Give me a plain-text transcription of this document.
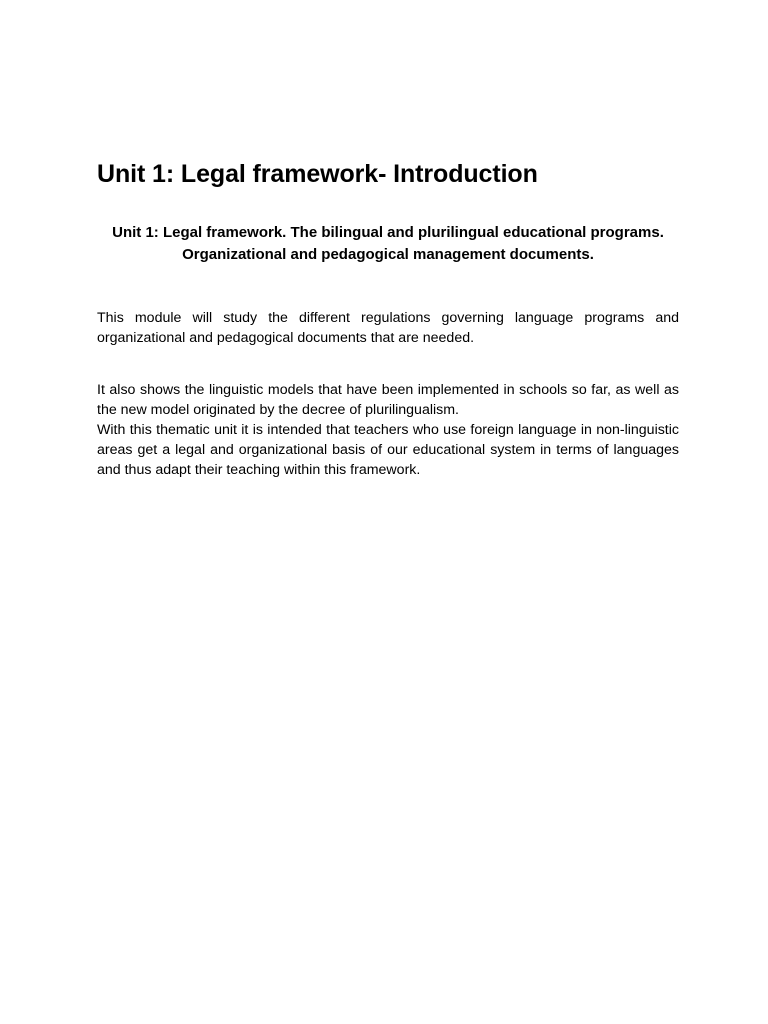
Unit 1: Legal framework- Introduction
Unit 1: Legal framework. The bilingual and plurilingual educational programs.
Organizational and pedagogical management documents.

This module will study the different regulations governing language programs and organizational and pedagogical documents that are needed.

It also shows the linguistic models that have been implemented in schools so far, as well as the new model originated by the decree of plurilingualism.

With this thematic unit it is intended that teachers who use foreign language in non-linguistic areas get a legal and organizational basis of our educational system in terms of languages and thus adapt their teaching within this framework.
